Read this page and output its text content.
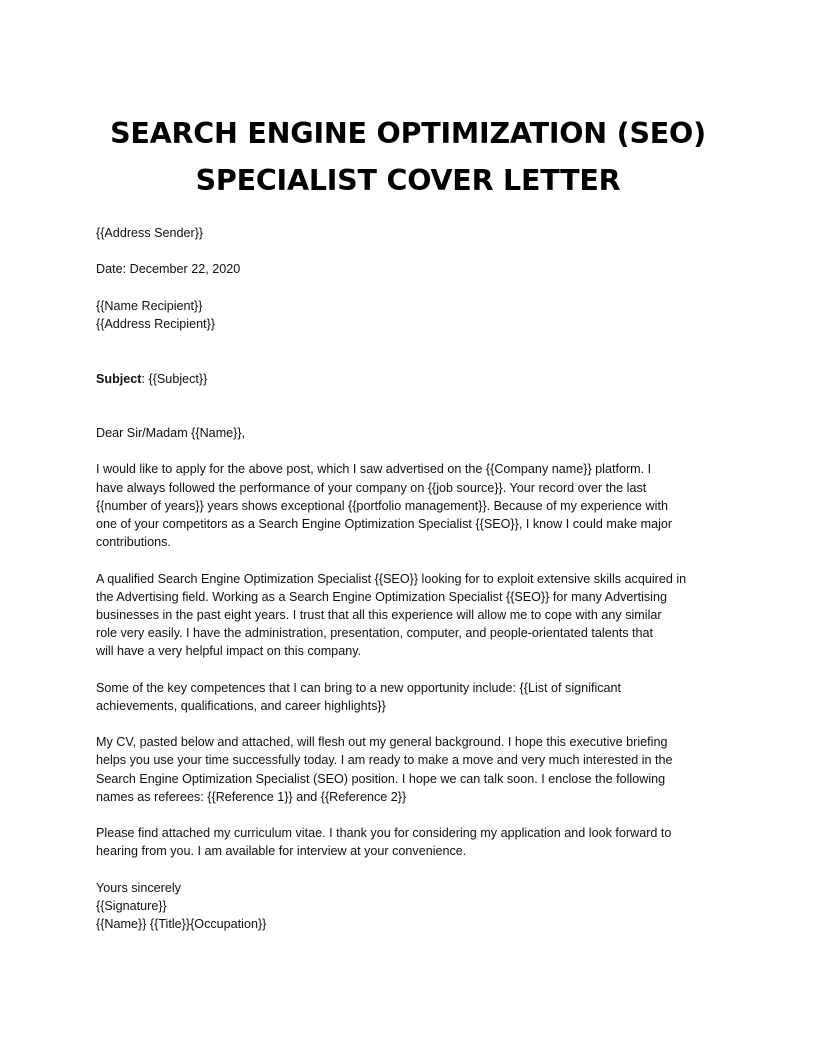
SEARCH ENGINE OPTIMIZATION (SEO)
SPECIALIST COVER LETTER
{{Address Sender}}
Date: December 22, 2020
{{Name Recipient}}
{{Address Recipient}}
Subject: {{Subject}}
Dear Sir/Madam {{Name}},
I would like to apply for the above post, which I saw advertised on the {{Company name}} platform. I
have always followed the performance of your company on {{job source}}. Your record over the last
{{number of years}} years shows exceptional {{portfolio management}}. Because of my experience with
one of your competitors as a Search Engine Optimization Specialist {{SEO}}, I know I could make major
contributions.
A qualified Search Engine Optimization Specialist {{SEO}} looking for to exploit extensive skills acquired in
the Advertising field. Working as a Search Engine Optimization Specialist {{SEO}} for many Advertising
businesses in the past eight years. I trust that all this experience will allow me to cope with any similar
role very easily. I have the administration, presentation, computer, and people-orientated talents that
will have a very helpful impact on this company.
Some of the key competences that I can bring to a new opportunity include: {{List of significant
achievements, qualifications, and career highlights}}
My CV, pasted below and attached, will flesh out my general background. I hope this executive briefing
helps you use your time successfully today. I am ready to make a move and very much interested in the
Search Engine Optimization Specialist (SEO) position. I hope we can talk soon. I enclose the following
names as referees: {{Reference 1}} and {{Reference 2}}
Please find attached my curriculum vitae. I thank you for considering my application and look forward to
hearing from you. I am available for interview at your convenience.
Yours sincerely
{{Signature}}
{{Name}} {{Title}}{Occupation}}
